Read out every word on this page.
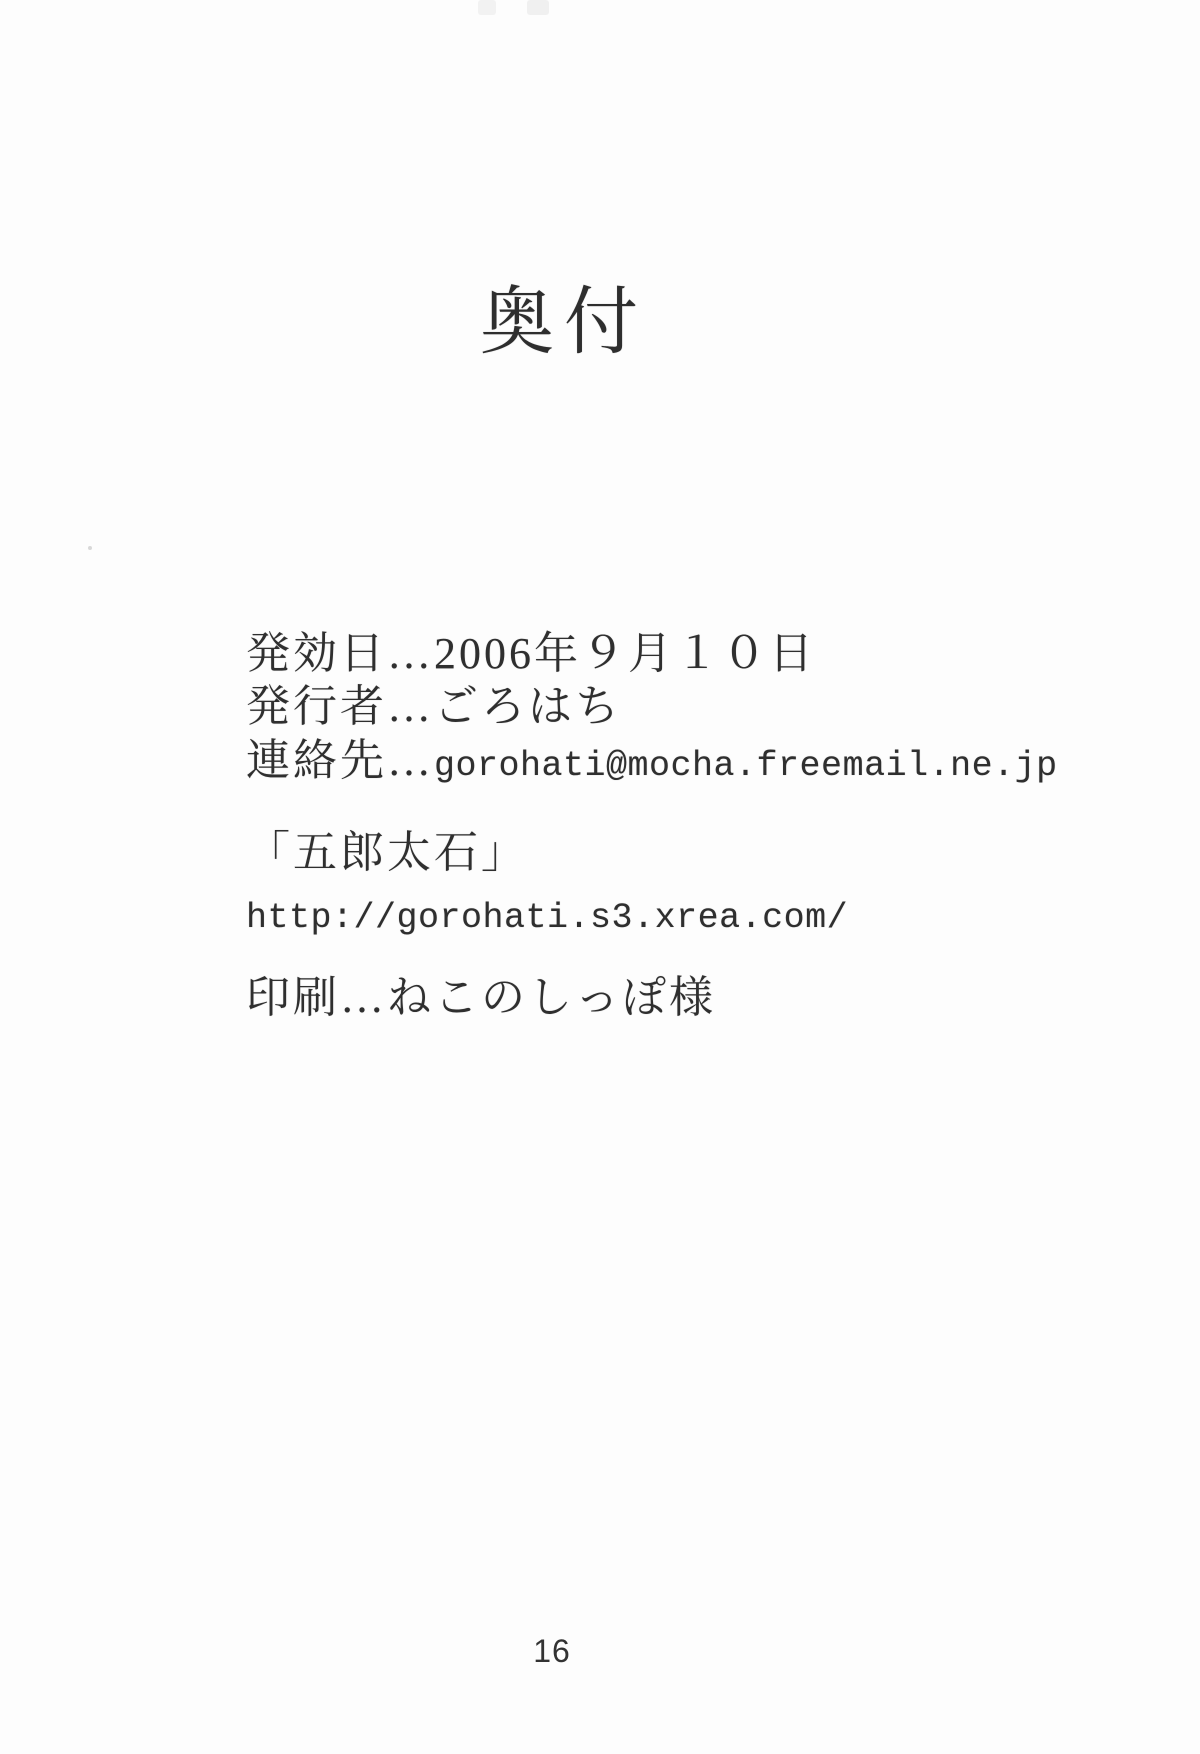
奥付
発効日…2006年９月１０日
発行者…ごろはち
連絡先…gorohati@mocha.freemail.ne.jp
「五郎太石」
http://gorohati.s3.xrea.com/
印刷…ねこのしっぽ様
16
